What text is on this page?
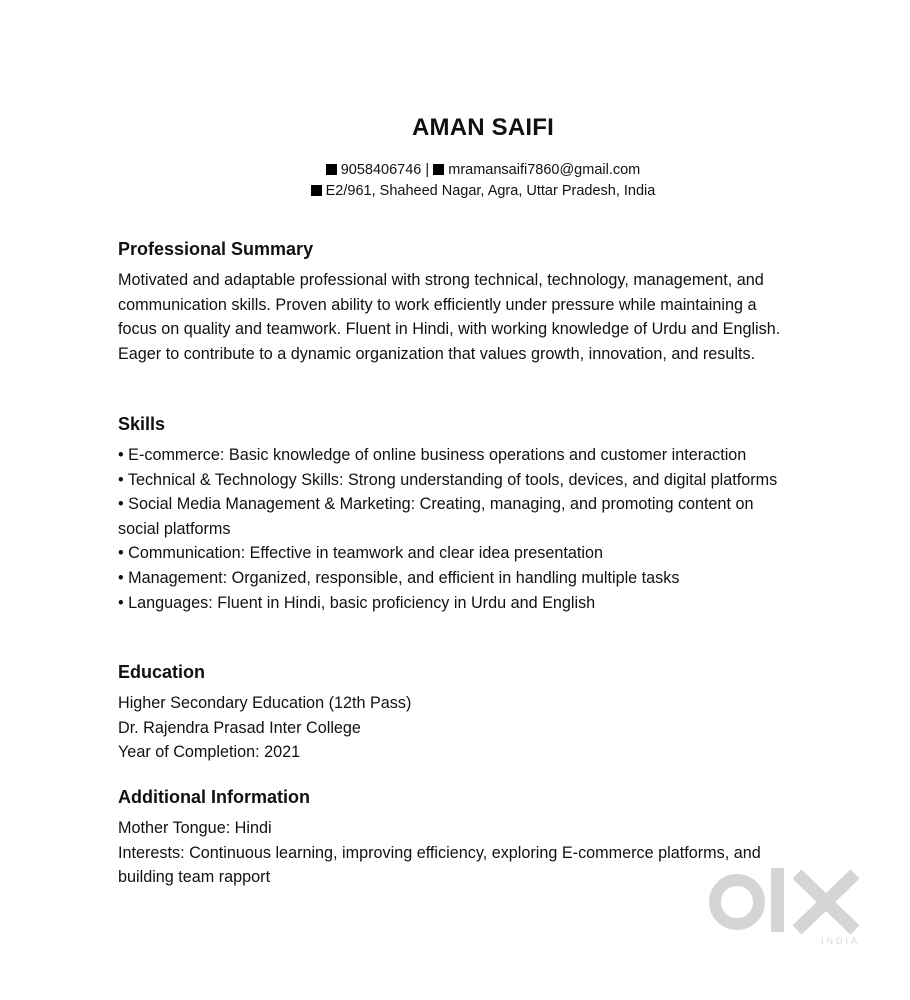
AMAN SAIFI
9058406746 | mramansaifi7860@gmail.com
E2/961, Shaheed Nagar, Agra, Uttar Pradesh, India
Professional Summary

Motivated and adaptable professional with strong technical, technology, management, and communication skills. Proven ability to work efficiently under pressure while maintaining a focus on quality and teamwork. Fluent in Hindi, with working knowledge of Urdu and English. Eager to contribute to a dynamic organization that values growth, innovation, and results.

Skills

• E-commerce: Basic knowledge of online business operations and customer interaction

• Technical & Technology Skills: Strong understanding of tools, devices, and digital platforms

• Social Media Management & Marketing: Creating, managing, and promoting content on social platforms

• Communication: Effective in teamwork and clear idea presentation

• Management: Organized, responsible, and efficient in handling multiple tasks

• Languages: Fluent in Hindi, basic proficiency in Urdu and English

Education

Higher Secondary Education (12th Pass)

Dr. Rajendra Prasad Inter College

Year of Completion: 2021

Additional Information

Mother Tongue: Hindi

Interests: Continuous learning, improving efficiency, exploring E-commerce platforms, and building team rapport

INDIA
